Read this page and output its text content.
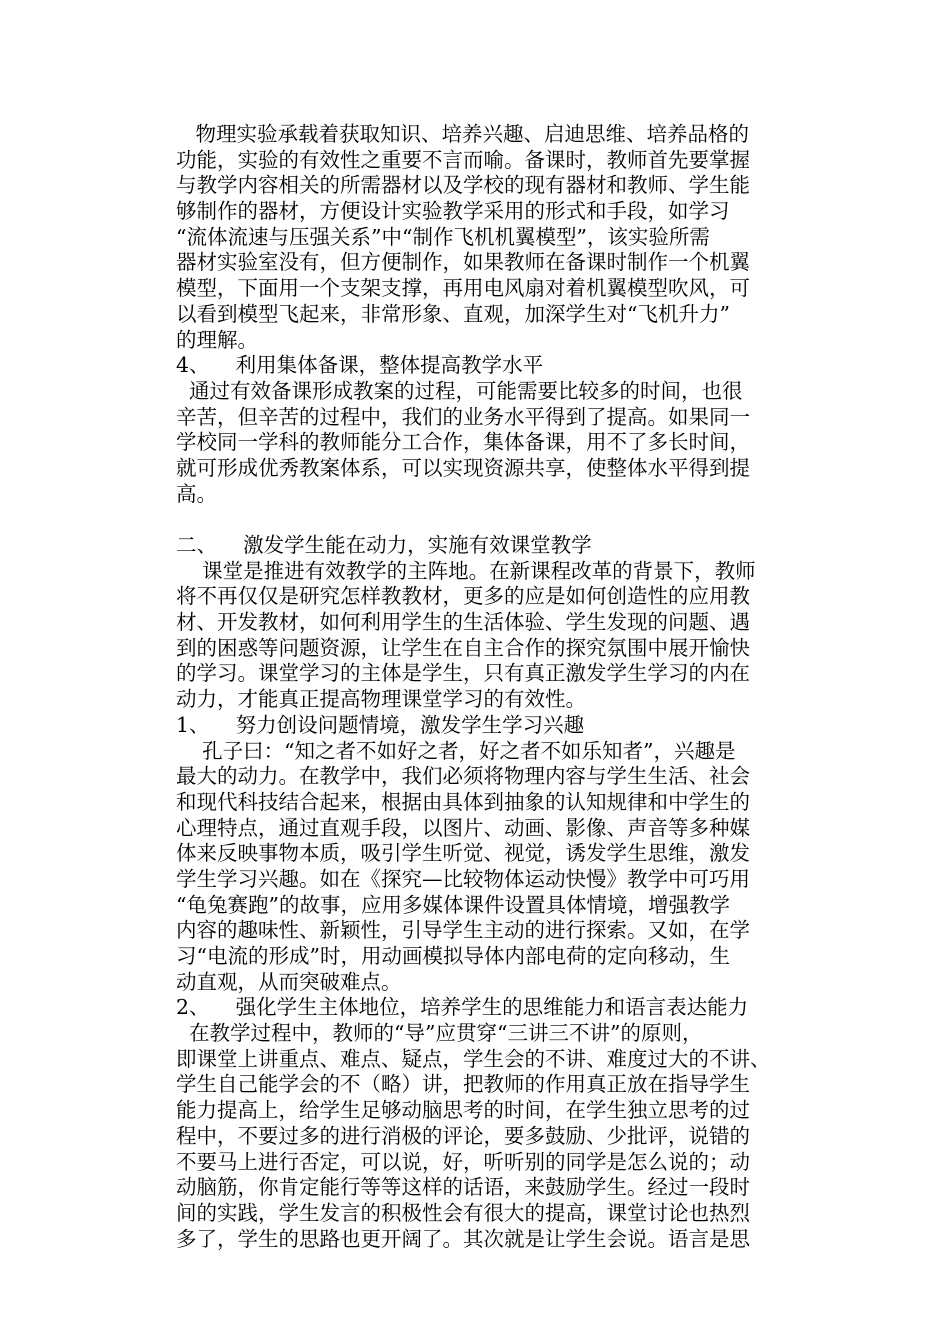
物理实验承载着获取知识、培养兴趣、启迪思维、培养品格的
功能，实验的有效性之重要不言而喻。备课时，教师首先要掌握
与教学内容相关的所需器材以及学校的现有器材和教师、学生能
够制作的器材，方便设计实验教学采用的形式和手段，如学习
“流体流速与压强关系”中“制作飞机机翼模型”，该实验所需
器材实验室没有，但方便制作，如果教师在备课时制作一个机翼
模型，下面用一个支架支撑，再用电风扇对着机翼模型吹风，可
以看到模型飞起来，非常形象、直观，加深学生对“飞机升力”
的理解。
4、    利用集体备课，整体提高教学水平
通过有效备课形成教案的过程，可能需要比较多的时间，也很
辛苦，但辛苦的过程中，我们的业务水平得到了提高。如果同一
学校同一学科的教师能分工合作，集体备课，用不了多长时间，
就可形成优秀教案体系，可以实现资源共享，使整体水平得到提
高。
二、    激发学生能在动力，实施有效课堂教学
课堂是推进有效教学的主阵地。在新课程改革的背景下，教师
将不再仅仅是研究怎样教教材，更多的应是如何创造性的应用教
材、开发教材，如何利用学生的生活体验、学生发现的问题、遇
到的困惑等问题资源，让学生在自主合作的探究氛围中展开愉快
的学习。课堂学习的主体是学生，只有真正激发学生学习的内在
动力，才能真正提高物理课堂学习的有效性。
1、    努力创设问题情境，激发学生学习兴趣
孔子曰：“知之者不如好之者，好之者不如乐知者”，兴趣是
最大的动力。在教学中，我们必须将物理内容与学生生活、社会
和现代科技结合起来，根据由具体到抽象的认知规律和中学生的
心理特点，通过直观手段，以图片、动画、影像、声音等多种媒
体来反映事物本质，吸引学生听觉、视觉，诱发学生思维，激发
学生学习兴趣。如在《探究—比较物体运动快慢》教学中可巧用
“龟兔赛跑”的故事，应用多媒体课件设置具体情境，增强教学
内容的趣味性、新颖性，引导学生主动的进行探索。又如，在学
习“电流的形成”时，用动画模拟导体内部电荷的定向移动，生
动直观，从而突破难点。
2、    强化学生主体地位，培养学生的思维能力和语言表达能力
在教学过程中，教师的“导”应贯穿“三讲三不讲”的原则，
即课堂上讲重点、难点、疑点，学生会的不讲、难度过大的不讲、
学生自己能学会的不（略）讲，把教师的作用真正放在指导学生
能力提高上，给学生足够动脑思考的时间，在学生独立思考的过
程中，不要过多的进行消极的评论，要多鼓励、少批评，说错的
不要马上进行否定，可以说，好，听听别的同学是怎么说的；动
动脑筋，你肯定能行等等这样的话语，来鼓励学生。经过一段时
间的实践，学生发言的积极性会有很大的提高，课堂讨论也热烈
多了，学生的思路也更开阔了。其次就是让学生会说。语言是思
